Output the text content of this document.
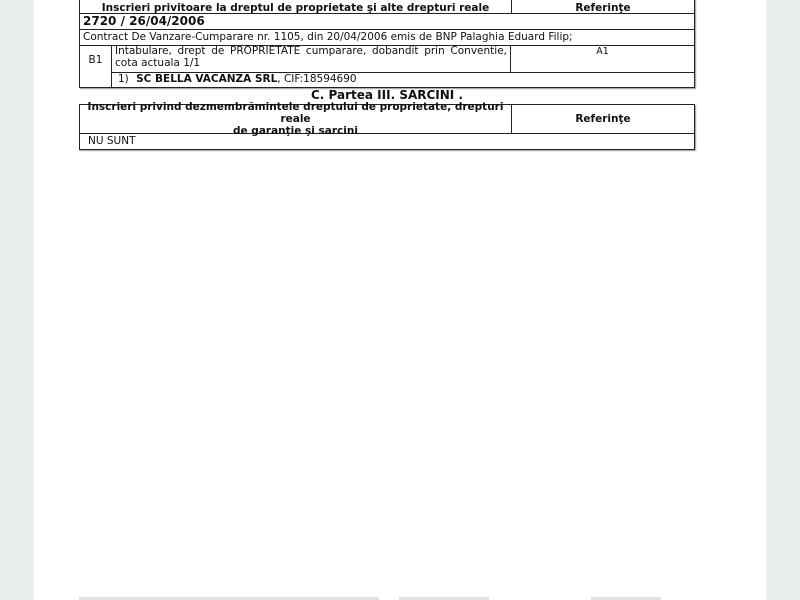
Inscrieri privitoare la dreptul de proprietate şi alte drepturi reale	Referinţe
2720 / 26/04/2006
Contract De Vanzare-Cumparare nr. 1105, din 20/04/2006 emis de BNP Palaghia Eduard Filip;
B1
Intabulare, drept de PROPRIETATE cumparare, dobandit prin Conventie, cota actuala 1/1
A1
1) SC BELLA VACANZA SRL, CIF:18594690
C. Partea III. SARCINI .
Inscrieri privind dezmembrămintele dreptului de proprietate, drepturi reale
de garanţie şi sarcini
Referinţe
NU SUNT
